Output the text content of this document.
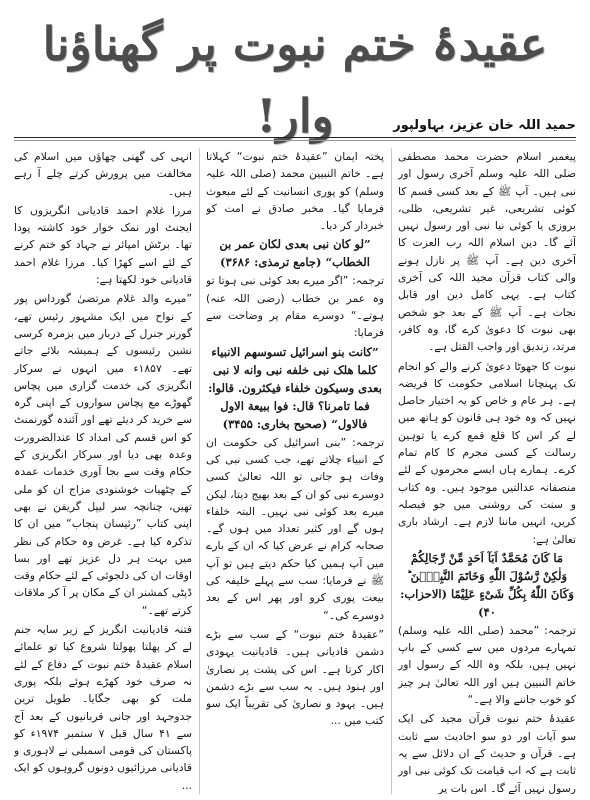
عقیدۂ ختم نبوت پر گھناؤنا وار!	حمید اللہ خان عزیز، بہاولپور

پیغمبر اسلام حضرت محمد مصطفی صلی اللہ علیہ وسلم آخری رسول اور نبی ہیں۔ آپ ﷺ کے بعد کسی قسم کا کوئی تشریعی، غیر تشریعی، ظلی، بروزی یا کوئی نیا نبی اور رسول نہیں آئے گا۔ دین اسلام اللہ رب العزت کا آخری دین ہے۔ آپ ﷺ پر نازل ہونے والی کتاب قرآن مجید اللہ کی آخری کتاب ہے۔ یہی کامل دین اور قابل نجات ہے۔ آپ ﷺ کے بعد جو شخص بھی نبوت کا دعویٰ کرے گا، وہ کافر، مرتد، زندیق اور واجب القتل ہے۔

نبوت کا جھوٹا دعویٰ کرنے والے کو انجام تک پہنچانا اسلامی حکومت کا فریضہ ہے۔ ہر عام و خاص کو یہ اختیار حاصل نہیں کہ وہ خود ہی قانون کو ہاتھ میں لے کر اس کا قلع قمع کرے یا توہین رسالت کے کسی مجرم کا کام تمام کرے۔ ہمارے ہاں ایسے مجرموں کے لئے منصفانہ عدالتیں موجود ہیں۔ وہ کتاب و سنت کی روشنی میں جو فیصلہ کریں، انہیں ماننا لازم ہے۔ ارشاد باری تعالیٰ ہے:

مَا كَانَ مُحَمَّدٌ اَبَآ اَحَدٍ مِّنْ رِّجَالِكُمْ وَلٰكِنْ رَّسُوْلَ اللّٰهِ وَخَاتَمَ النَّبِيّٖنَ ؕ وَكَانَ اللّٰهُ بِكُلِّ شَىْءٍ عَلِيْمًا (الاحزاب: ۴۰)

ترجمہ: ”محمد (صلی اللہ علیہ وسلم) تمہارے مردوں میں سے کسی کے باپ نہیں ہیں، بلکہ وہ اللہ کے رسول اور خاتم النبیین ہیں اور اللہ تعالیٰ ہر چیز کو خوب جاننے والا ہے۔“

عقیدۂ ختم نبوت قرآن مجید کی ایک سو آیات اور دو سو احادیث سے ثابت ہے۔ قرآن و حدیث کے ان دلائل سے یہ ثابت ہے کہ اب قیامت تک کوئی نبی اور رسول نہیں آئے گا۔ اس بات پر

پختہ ایمان ”عقیدۂ ختم نبوت“ کہلاتا ہے۔ خاتم النبیین محمد (صلی اللہ علیہ وسلم) کو پوری انسانیت کے لئے مبعوث فرمایا گیا۔ مخبر صادق نے امت کو خبردار کر دیا۔

”لو کان نبی بعدی لکان عمر بن الخطاب“ (جامع ترمذی: ۳۶۸۶)

ترجمہ: ”اگر میرے بعد کوئی نبی ہوتا تو وہ عمر بن خطاب (رضی اللہ عنہ) ہوتے۔“ دوسرے مقام پر وضاحت سے فرمایا:

”کانت بنو اسرائیل تسوسهم الانبیاء کلما هلک نبی خلفه نبی وانه لا نبی بعدی وسیکون خلفاء فیکثرون. قالوا: فما تامرنا؟ قال: فوا ببیعة الاول فالاول“ (صحیح بخاری: ۳۴۵۵)

ترجمہ: ”بنی اسرائیل کی حکومت ان کے انبیاء چلاتے تھے، جب کسی نبی کی وفات ہو جاتی تو اللہ تعالیٰ کسی دوسرے نبی کو ان کے بعد بھیج دیتا، لیکن میرے بعد کوئی نبی نہیں۔ البتہ خلفاء ہوں گے اور کثیر تعداد میں ہوں گے۔ صحابہ کرام نے عرض کیا کہ ان کے بارے میں آپ ہمیں کیا حکم دیتے ہیں تو آپ ﷺ نے فرمایا: سب سے پہلے خلیفہ کی بیعت پوری کرو اور پھر اس کے بعد دوسرے کی۔“

”عقیدۂ ختم نبوت“ کے سب سے بڑے دشمن قادیانی ہیں۔ قادیانیت یہودی اکار کرتا ہے۔ اس کی پشت پر نصاریٰ اور ہنود ہیں۔ یہ سب سے بڑے دشمن ہیں۔ یہود و نصاریٰ کی تقریباً ایک سو کتب میں ...

انہی کی گھنی چھاؤں میں اسلام کی مخالفت میں پرورش کرتے چلے آ رہے ہیں۔

مرزا غلام احمد قادیانی انگریزوں کا ایجنٹ اور نمک خوار خود کاشتہ پودا تھا۔ برٹش امپائر نے جہاد کو ختم کرنے کے لئے اسے کھڑا کیا۔ مرزا غلام احمد قادیانی خود لکھتا ہے:

”میرے والد غلام مرتضیٰ گورداس پور کے نواح میں ایک مشہور رئیس تھے، گورنر جنرل کے دربار میں بزمرہ کرسی نشین رئیسوں کے ہمیشہ بلائے جاتے تھے۔ ۱۸۵۷ء میں انہوں نے سرکار انگریزی کی خدمت گزاری میں پچاس گھوڑے مع پچاس سواروں کے اپنی گرہ سے خرید کر دیئے تھے اور آئندہ گورنمنٹ کو اس قسم کی امداد کا عندالضرورت وعدہ بھی دیا اور سرکار انگریزی کے حکام وقت سے بجا آوری خدمات عمدہ کے چٹھیات خوشنودی مزاج ان کو ملی تھیں، چنانچہ سر لیپل گریفن نے بھی اپنی کتاب ”رئیسان پنجاب“ میں ان کا تذکرہ کیا ہے۔ غرض وہ حکام کی نظر میں بہت ہر دل عزیز تھے اور بسا اوقات ان کی دلجوئی کے لئے حکام وقت ڈپٹی کمشنر ان کے مکان پر آ کر ملاقات کرتے تھے۔“

فتنہ قادیانیت انگریز کے زیر سایہ جنم لے کر پھلتا پھولتا شروع کیا تو علمائے اسلام عقیدۂ ختم نبوت کے دفاع کے لئے نہ صرف خود کھڑے ہوئے بلکہ پوری ملت کو بھی جگایا۔ طویل ترین جدوجہد اور جانی قربانیوں کے بعد آج سے ۴۱ سال قبل ۷ ستمبر ۱۹۷۴ء کو پاکستان کی قومی اسمبلی نے لاہوری و قادیانی مرزائیوں دونوں گروہوں کو ایک ...
